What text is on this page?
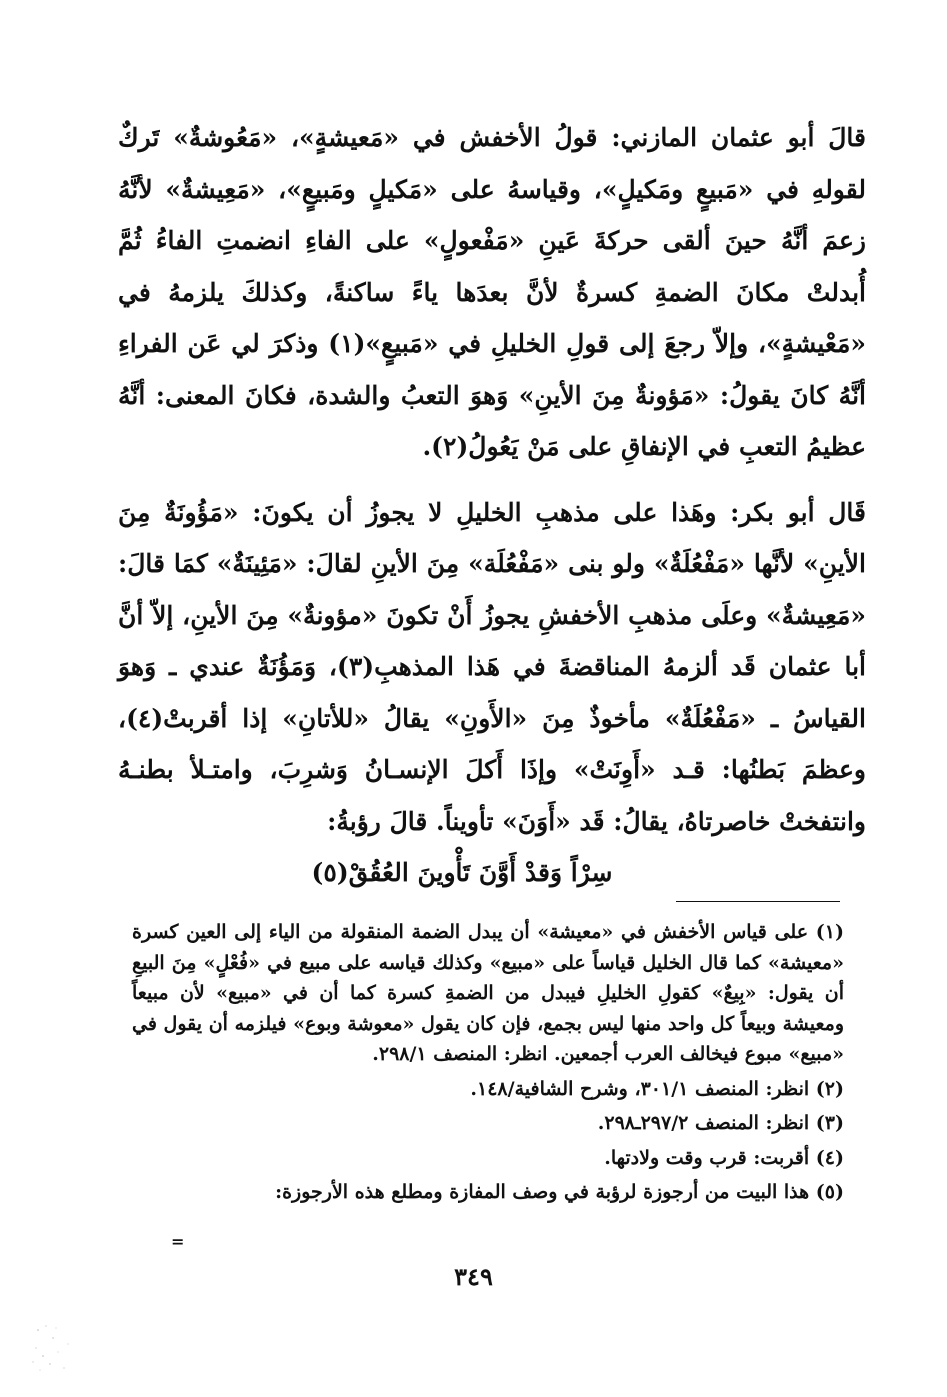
قالَ أبو عثمان المازني: قولُ الأخفش في «مَعيشةٍ»، «مَعُوشةٌ» تَركٌ لقولهِ في «مَبيعٍ ومَكيلٍ»، وقياسهُ على «مَكيلٍ ومَبيعٍ»، «مَعِيشةٌ» لأنَّهُ زعمَ أنَّهُ حينَ ألقى حركةَ عَينِ «مَفْعولٍ» على الفاءِ انضمتِ الفاءُ ثُمَّ أُبدلتْ مكانَ الضمةِ كسرةٌ لأنَّ بعدَها ياءً ساكنةً، وكذلكَ يلزمهُ في «مَعْيشةٍ»، وإلاّ رجعَ إلى قولِ الخليلِ في «مَبيعٍ»(١) وذكرَ لي عَن الفراءِ أنَّهُ كانَ يقولُ: «مَؤونةٌ مِنَ الأينِ» وَهوَ التعبُ والشدة، فكانَ المعنى: أنَّهُ عظيمُ التعبِ في الإنفاقِ على مَنْ يَعُولُ(٢).

قَال أبو بكر: وهَذا على مذهبِ الخليلِ لا يجوزُ أن يكونَ: «مَؤُونَةٌ مِنَ الأينِ» لأنَّها «مَفْعُلَةٌ» ولو بنى «مَفْعُلَة» مِنَ الأينِ لقالَ: «مَئِينَةٌ» كمَا قالَ: «مَعِيشةٌ» وعلَى مذهبِ الأخفشِ يجوزُ أَنْ تكونَ «مؤونةٌ» مِنَ الأينِ، إلاّ أنَّ أبا عثمان قَد ألزمهُ المناقضةَ في هَذا المذهبِ(٣)، وَمَؤُنَةٌ عندي ـ وَهوَ القياسُ ـ «مَفْعُلَةٌ» مأخوذٌ مِنَ «الأَونِ» يقالُ «للأتانِ» إذا أقربتْ(٤)، وعظمَ بَطنُها: قـد «أَوِنَتْ» وإذَا أَكلَ الإنسـانُ وَشرِبَ، وامتـلأ بطنـهُ وانتفختْ خاصرتاهُ، يقالُ: قَد «أَوَنَ» تأويناً. قالَ رؤبةُ:

سِرْاً وَقدْ أَوَّنَ تَأْوينَ العُقُقْ(٥)

(١) على قياس الأخفش في «معيشة» أن يبدل الضمة المنقولة من الياء إلى العين كسرة «معيشة» كما قال الخليل قياساً على «مبيع» وكذلك قياسه على مبيع في «فُعْلٍ» مِنَ البيعِ أن يقول: «بِيعٌ» كقولِ الخليلِ فيبدل من الضمةِ كسرة كما أن في «مبيع» لأن مبيعاً ومعيشة وبيعاً كل واحد منها ليس بجمع، فإن كان يقول «معوشة وبوع» فيلزمه أن يقول في «مبيع» مبوع فيخالف العرب أجمعين. انظر: المنصف ٢٩٨/١.

(٢) انظر: المنصف ٣٠١/١، وشرح الشافية/١٤٨.

(٣) انظر: المنصف ٢٩٧/٢ـ٢٩٨.

(٤) أقربت: قرب وقت ولادتها.

(٥) هذا البيت من أرجوزة لرؤبة في وصف المفازة ومطلع هذه الأرجوزة:

=
٣٤٩
